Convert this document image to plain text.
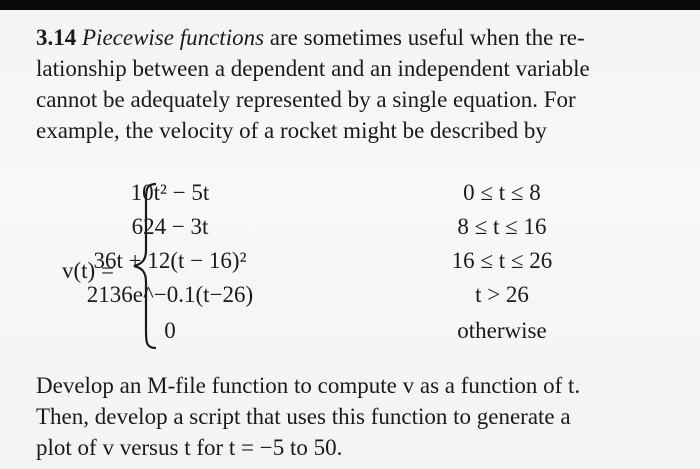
3.14 Piecewise functions are sometimes useful when the re-
lationship between a dependent and an independent variable
cannot be adequately represented by a single equation. For
example, the velocity of a rocket might be described by

v(t) =
10t² − 5t	0 ≤ t ≤ 8
624 − 3t	8 ≤ t ≤ 16
36t + 12(t − 16)²	16 ≤ t ≤ 26
2136e^−0.1(t−26)	t > 26
0	otherwise

Develop an M-file function to compute v as a function of t.
Then, develop a script that uses this function to generate a
plot of v versus t for t = −5 to 50.
